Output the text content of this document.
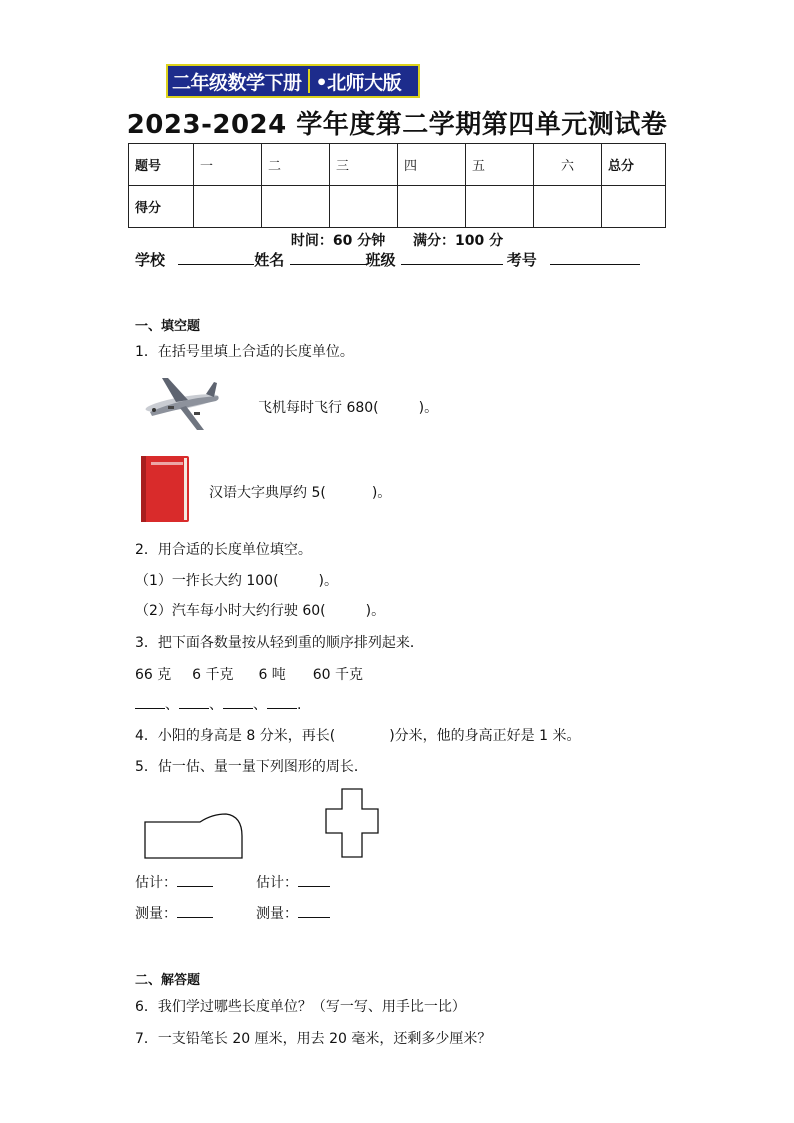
二年级数学下册 •北师大版
2023-2024 学年度第二学期第四单元测试卷
题号	一	二	三	四	五	六	总分
得分							
时间：60 分钟 满分：100 分
学校	姓名	班级	考号
一、填空题
1．在括号里填上合适的长度单位。
飞机每时飞行 680(	)。
汉语大字典厚约 5(	)。
2．用合适的长度单位填空。
（1）一拃长大约 100(	)。
（2）汽车每小时大约行驶 60(	)。
3．把下面各数量按从轻到重的顺序排列起来．
66 克 6 千克 6 吨 60 千克
、 、 、 .
4．小阳的身高是 8 分米，再长(	)分米，他的身高正好是 1 米。
5．估一估、量一量下列图形的周长．
估计：	估计：
测量：	测量：
二、解答题
6．我们学过哪些长度单位？（写一写、用手比一比）
7．一支铅笔长 20 厘米，用去 20 毫米，还剩多少厘米？
